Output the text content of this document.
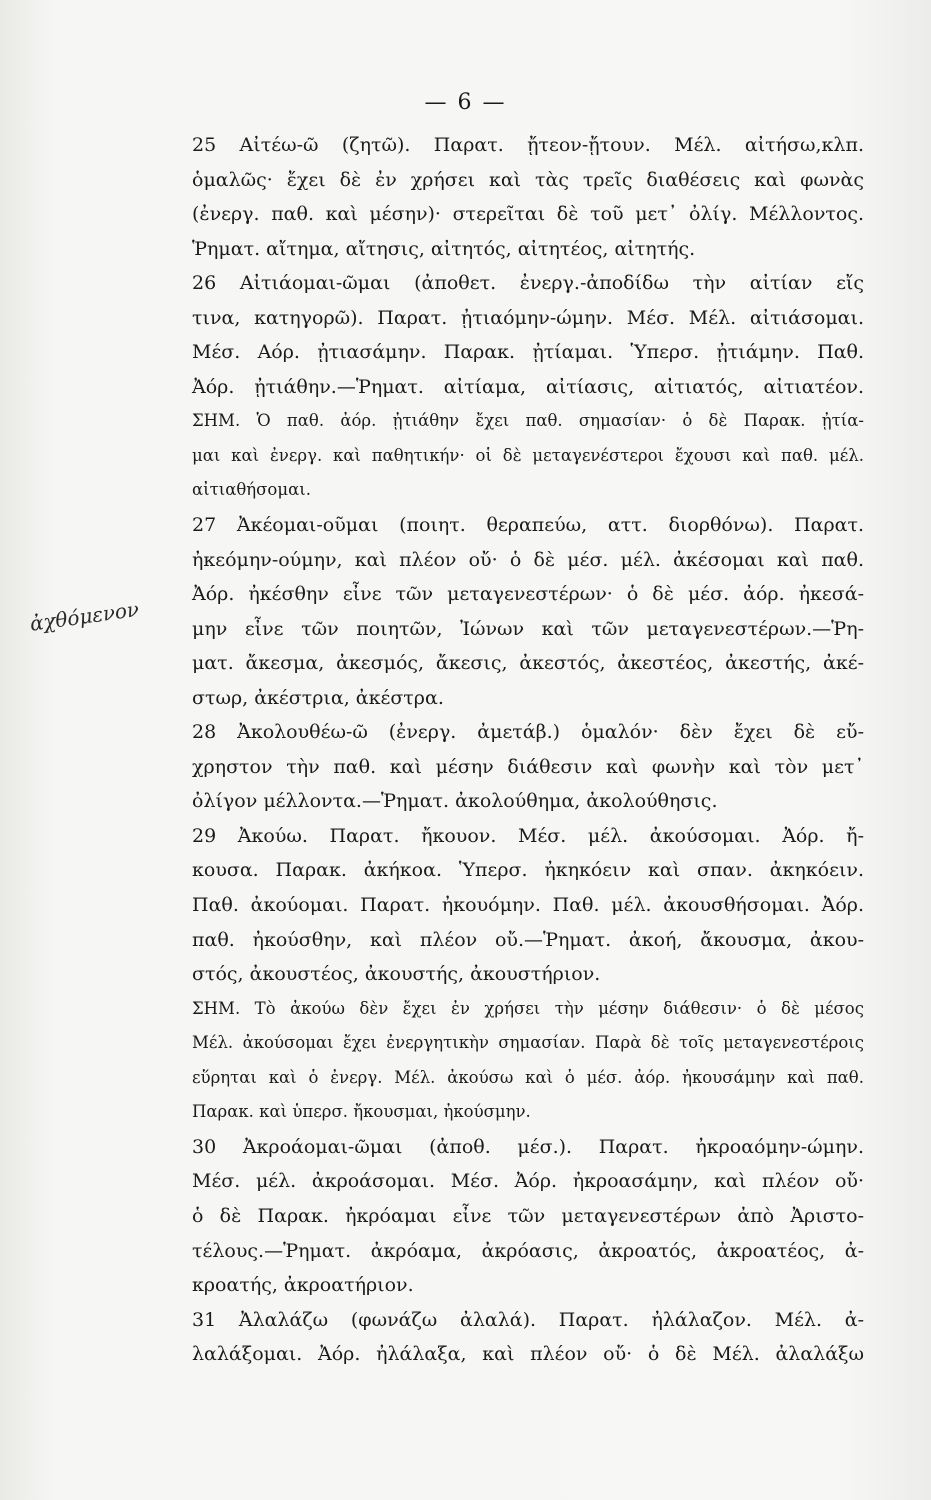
— 6 —
ἀχθόμενον
25 Αἰτέω-ῶ (ζητῶ). Παρατ. ᾔτεον-ᾔτουν. Μέλ. αἰτήσω,κλπ.
ὁμαλῶς· ἔχει δὲ ἐν χρήσει καὶ τὰς τρεῖς διαθέσεις καὶ φωνὰς
(ἐνεργ. παθ. καὶ μέσην)· στερεῖται δὲ τοῦ μετ᾽ ὀλίγ. Μέλλοντος.
Ῥηματ. αἴτημα, αἴτησις, αἰτητός, αἰτητέος, αἰτητής.
26 Αἰτιάομαι-ῶμαι (ἀποθετ. ἐνεργ.-ἀποδίδω τὴν αἰτίαν εἴς
τινα, κατηγορῶ). Παρατ. ᾐτιαόμην-ώμην. Μέσ. Μέλ. αἰτιάσομαι.
Μέσ. Αόρ. ᾐτιασάμην. Παρακ. ᾐτίαμαι. Ὑπερσ. ᾐτιάμην. Παθ.
Ἀόρ. ᾐτιάθην.—Ῥηματ. αἰτίαμα, αἰτίασις, αἰτιατός, αἰτιατέον.
ΣΗΜ. Ὁ παθ. ἀόρ. ᾐτιάθην ἔχει παθ. σημασίαν· ὁ δὲ Παρακ. ᾐτία-
μαι καὶ ἐνεργ. καὶ παθητικήν· οἱ δὲ μεταγενέστεροι ἔχουσι καὶ παθ. μέλ.
αἰτιαθήσομαι.
27 Ἀκέομαι-οῦμαι (ποιητ. θεραπεύω, αττ. διορθόνω). Παρατ.
ἠκεόμην-ούμην, καὶ πλέον οὔ· ὁ δὲ μέσ. μέλ. ἀκέσομαι καὶ παθ.
Ἀόρ. ἠκέσθην εἶνε τῶν μεταγενεστέρων· ὁ δὲ μέσ. ἀόρ. ἠκεσά-
μην εἶνε τῶν ποιητῶν, Ἰώνων καὶ τῶν μεταγενεστέρων.—Ῥη-
ματ. ἄκεσμα, ἀκεσμός, ἄκεσις, ἀκεστός, ἀκεστέος, ἀκεστής, ἀκέ-
στωρ, ἀκέστρια, ἀκέστρα.
28 Ἀκολουθέω-ῶ (ἐνεργ. ἀμετάβ.) ὁμαλόν· δὲν ἔχει δὲ εὔ-
χρηστον τὴν παθ. καὶ μέσην διάθεσιν καὶ φωνὴν καὶ τὸν μετ᾽
ὀλίγον μέλλοντα.—Ῥηματ. ἀκολούθημα, ἀκολούθησις.
29 Ἀκούω. Παρατ. ἤκουον. Μέσ. μέλ. ἀκούσομαι. Ἀόρ. ἤ-
κουσα. Παρακ. ἀκήκοα. Ὑπερσ. ἠκηκόειν καὶ σπαν. ἀκηκόειν.
Παθ. ἀκούομαι. Παρατ. ἠκουόμην. Παθ. μέλ. ἀκουσθήσομαι. Ἀόρ.
παθ. ἠκούσθην, καὶ πλέον οὔ.—Ῥηματ. ἀκοή, ἄκουσμα, ἀκου-
στός, ἀκουστέος, ἀκουστής, ἀκουστήριον.
ΣΗΜ. Τὸ ἀκούω δὲν ἔχει ἐν χρήσει τὴν μέσην διάθεσιν· ὁ δὲ μέσος
Μέλ. ἀκούσομαι ἔχει ἐνεργητικὴν σημασίαν. Παρὰ δὲ τοῖς μεταγενεστέροις
εὕρηται καὶ ὁ ἐνεργ. Μέλ. ἀκούσω καὶ ὁ μέσ. ἀόρ. ἠκουσάμην καὶ παθ.
Παρακ. καὶ ὑπερσ. ἤκουσμαι, ἠκούσμην.
30 Ἀκροάομαι-ῶμαι (ἀποθ. μέσ.). Παρατ. ἠκροαόμην-ώμην.
Μέσ. μέλ. ἀκροάσομαι. Μέσ. Ἀόρ. ἠκροασάμην, καὶ πλέον οὔ·
ὁ δὲ Παρακ. ἠκρόαμαι εἶνε τῶν μεταγενεστέρων ἀπὸ Ἀριστο-
τέλους.—Ῥηματ. ἀκρόαμα, ἀκρόασις, ἀκροατός, ἀκροατέος, ἀ-
κροατής, ἀκροατήριον.
31 Ἀλαλάζω (φωνάζω ἀλαλά). Παρατ. ἠλάλαζον. Μέλ. ἀ-
λαλάξομαι. Ἀόρ. ἠλάλαξα, καὶ πλέον οὔ· ὁ δὲ Μέλ. ἀλαλάξω
